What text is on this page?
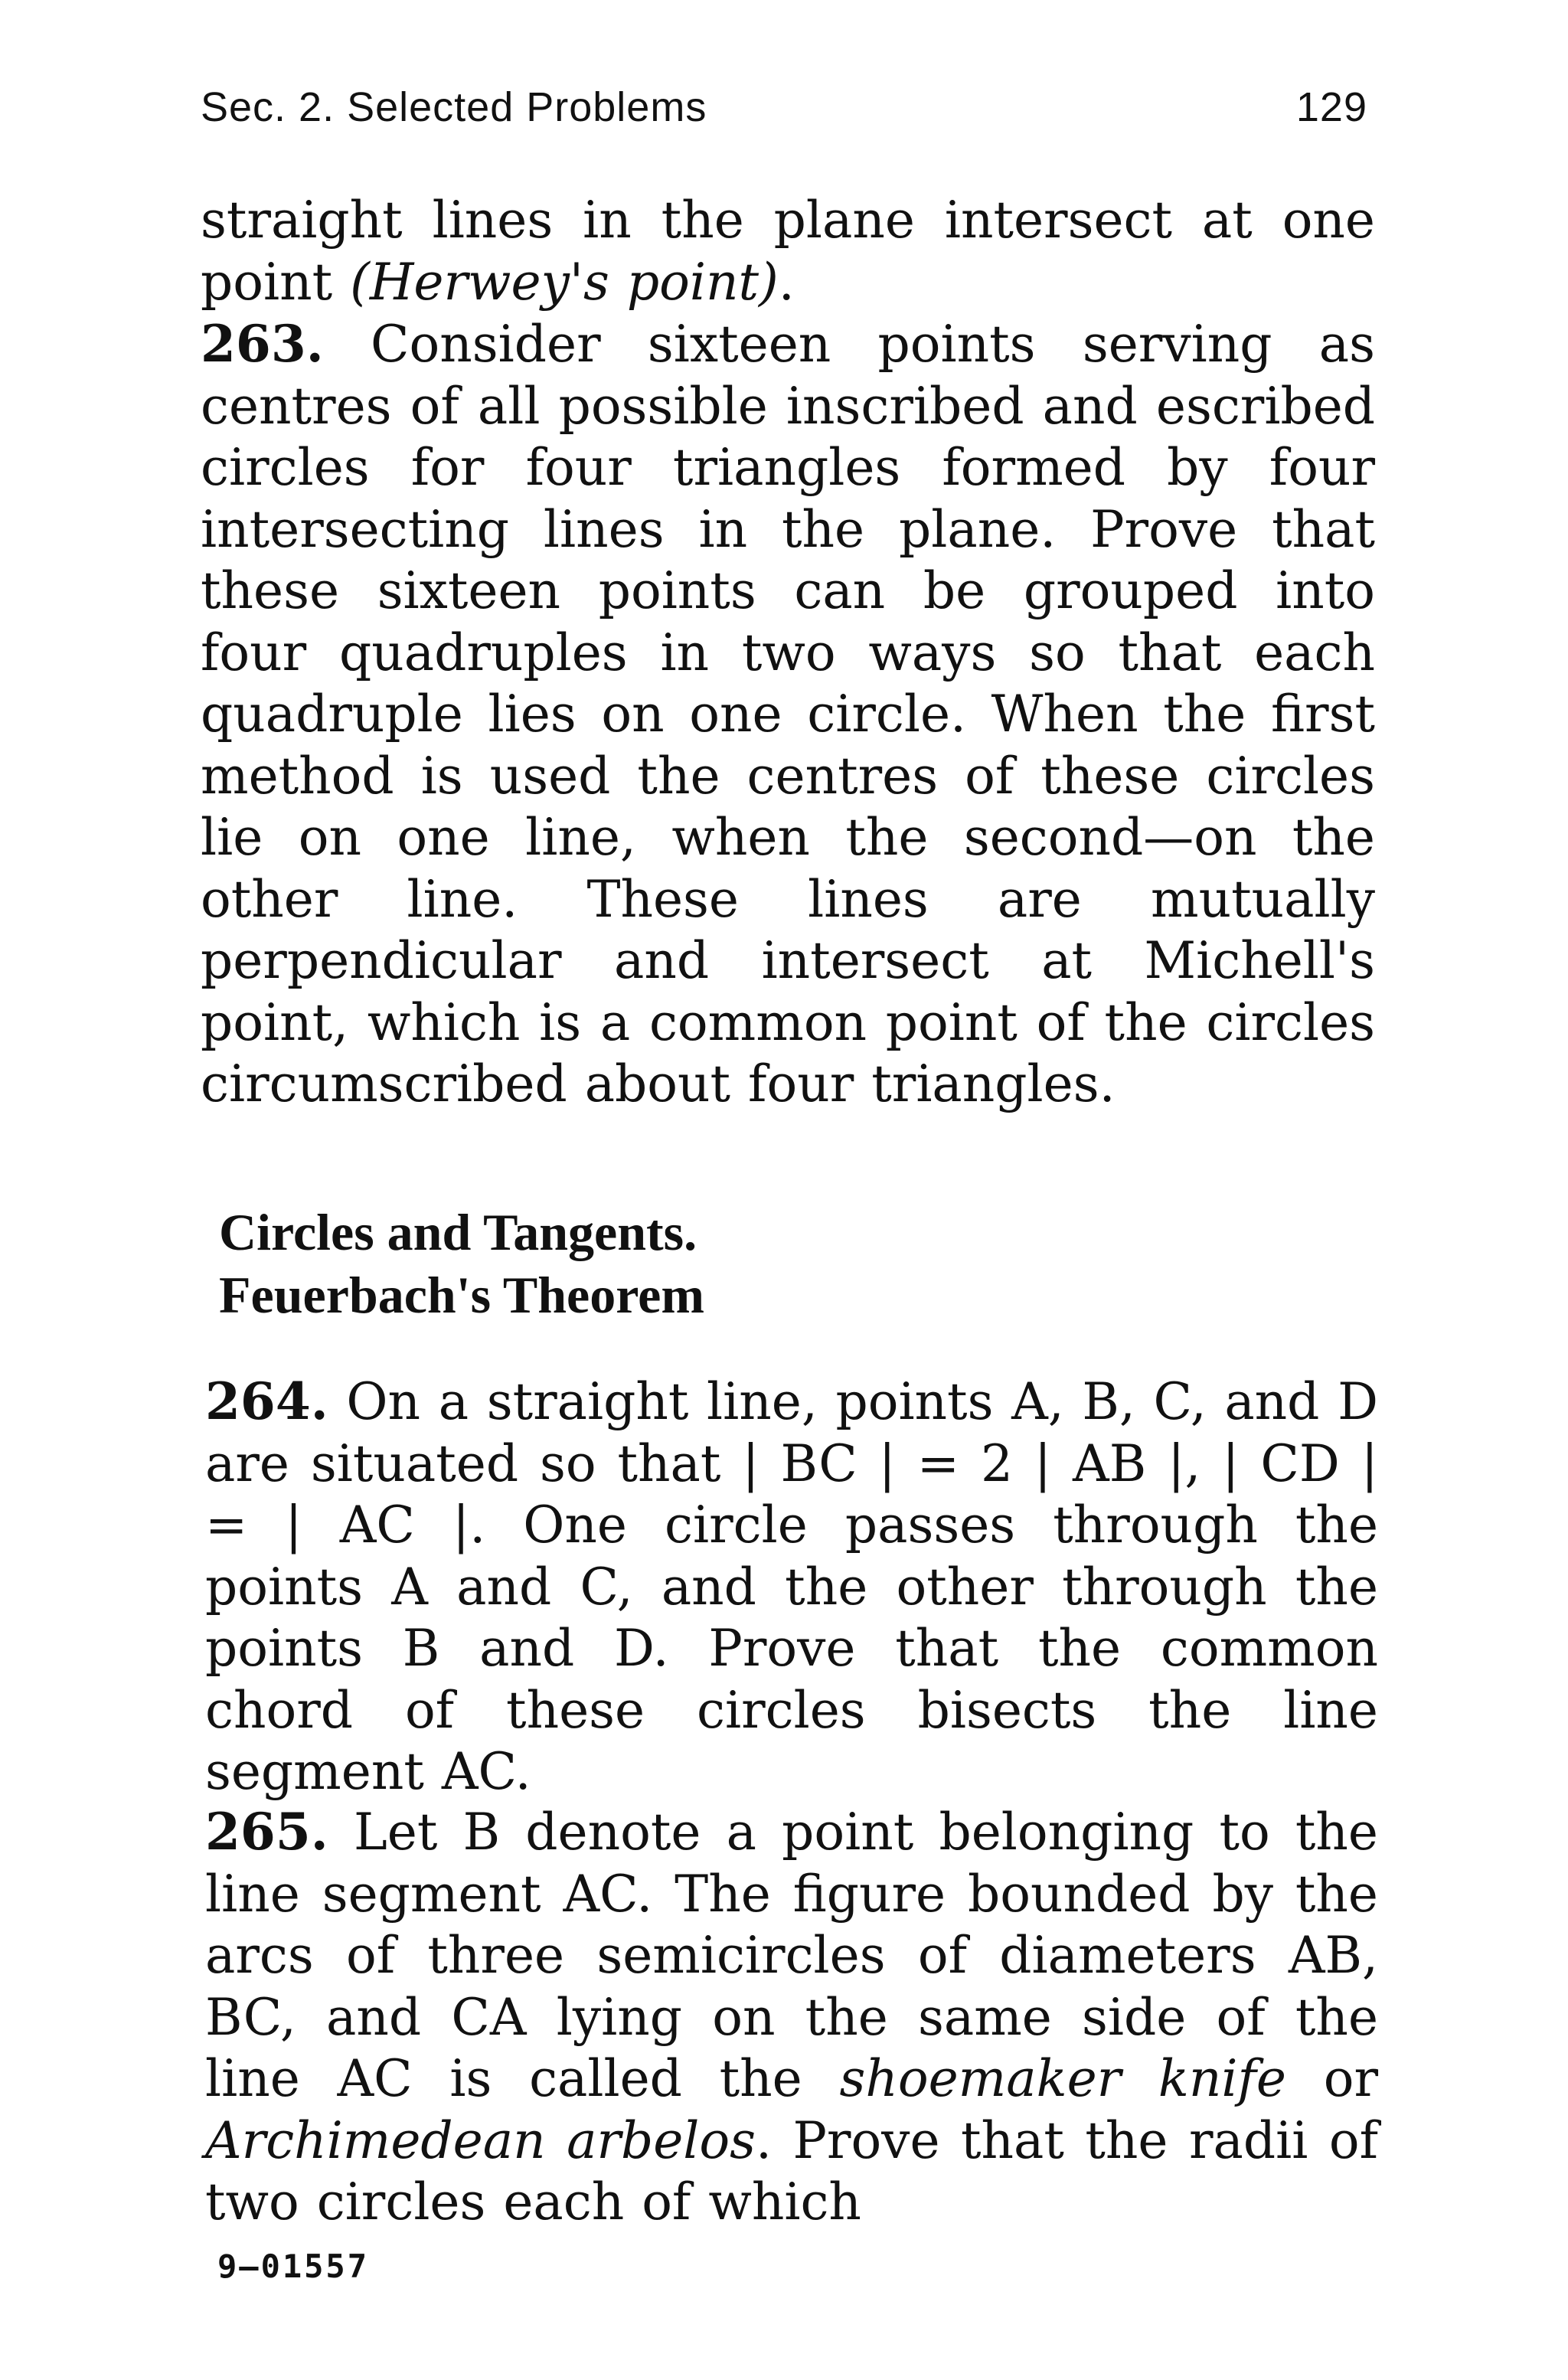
Sec. 2. Selected Problems	129
straight lines in the plane intersect at one point (Herwey's point).
263. Consider sixteen points serving as centres of all possible inscribed and escribed circles for four triangles formed by four intersecting lines in the plane. Prove that these sixteen points can be grouped into four quadruples in two ways so that each quadruple lies on one circle. When the first method is used the centres of these circles lie on one line, when the second—on the other line. These lines are mutually perpendicular and intersect at Michell's point, which is a common point of the circles circumscribed about four triangles.
Circles and Tangents.
Feuerbach's Theorem
264. On a straight line, points A, B, C, and D are situated so that | BC | = 2 | AB |, | CD | = | AC |. One circle passes through the points A and C, and the other through the points B and D. Prove that the common chord of these circles bisects the line segment AC.
265. Let B denote a point belonging to the line segment AC. The figure bounded by the arcs of three semicircles of diameters AB, BC, and CA lying on the same side of the line AC is called the shoemaker knife or Archimedean arbelos. Prove that the radii of two circles each of which
9—01557
